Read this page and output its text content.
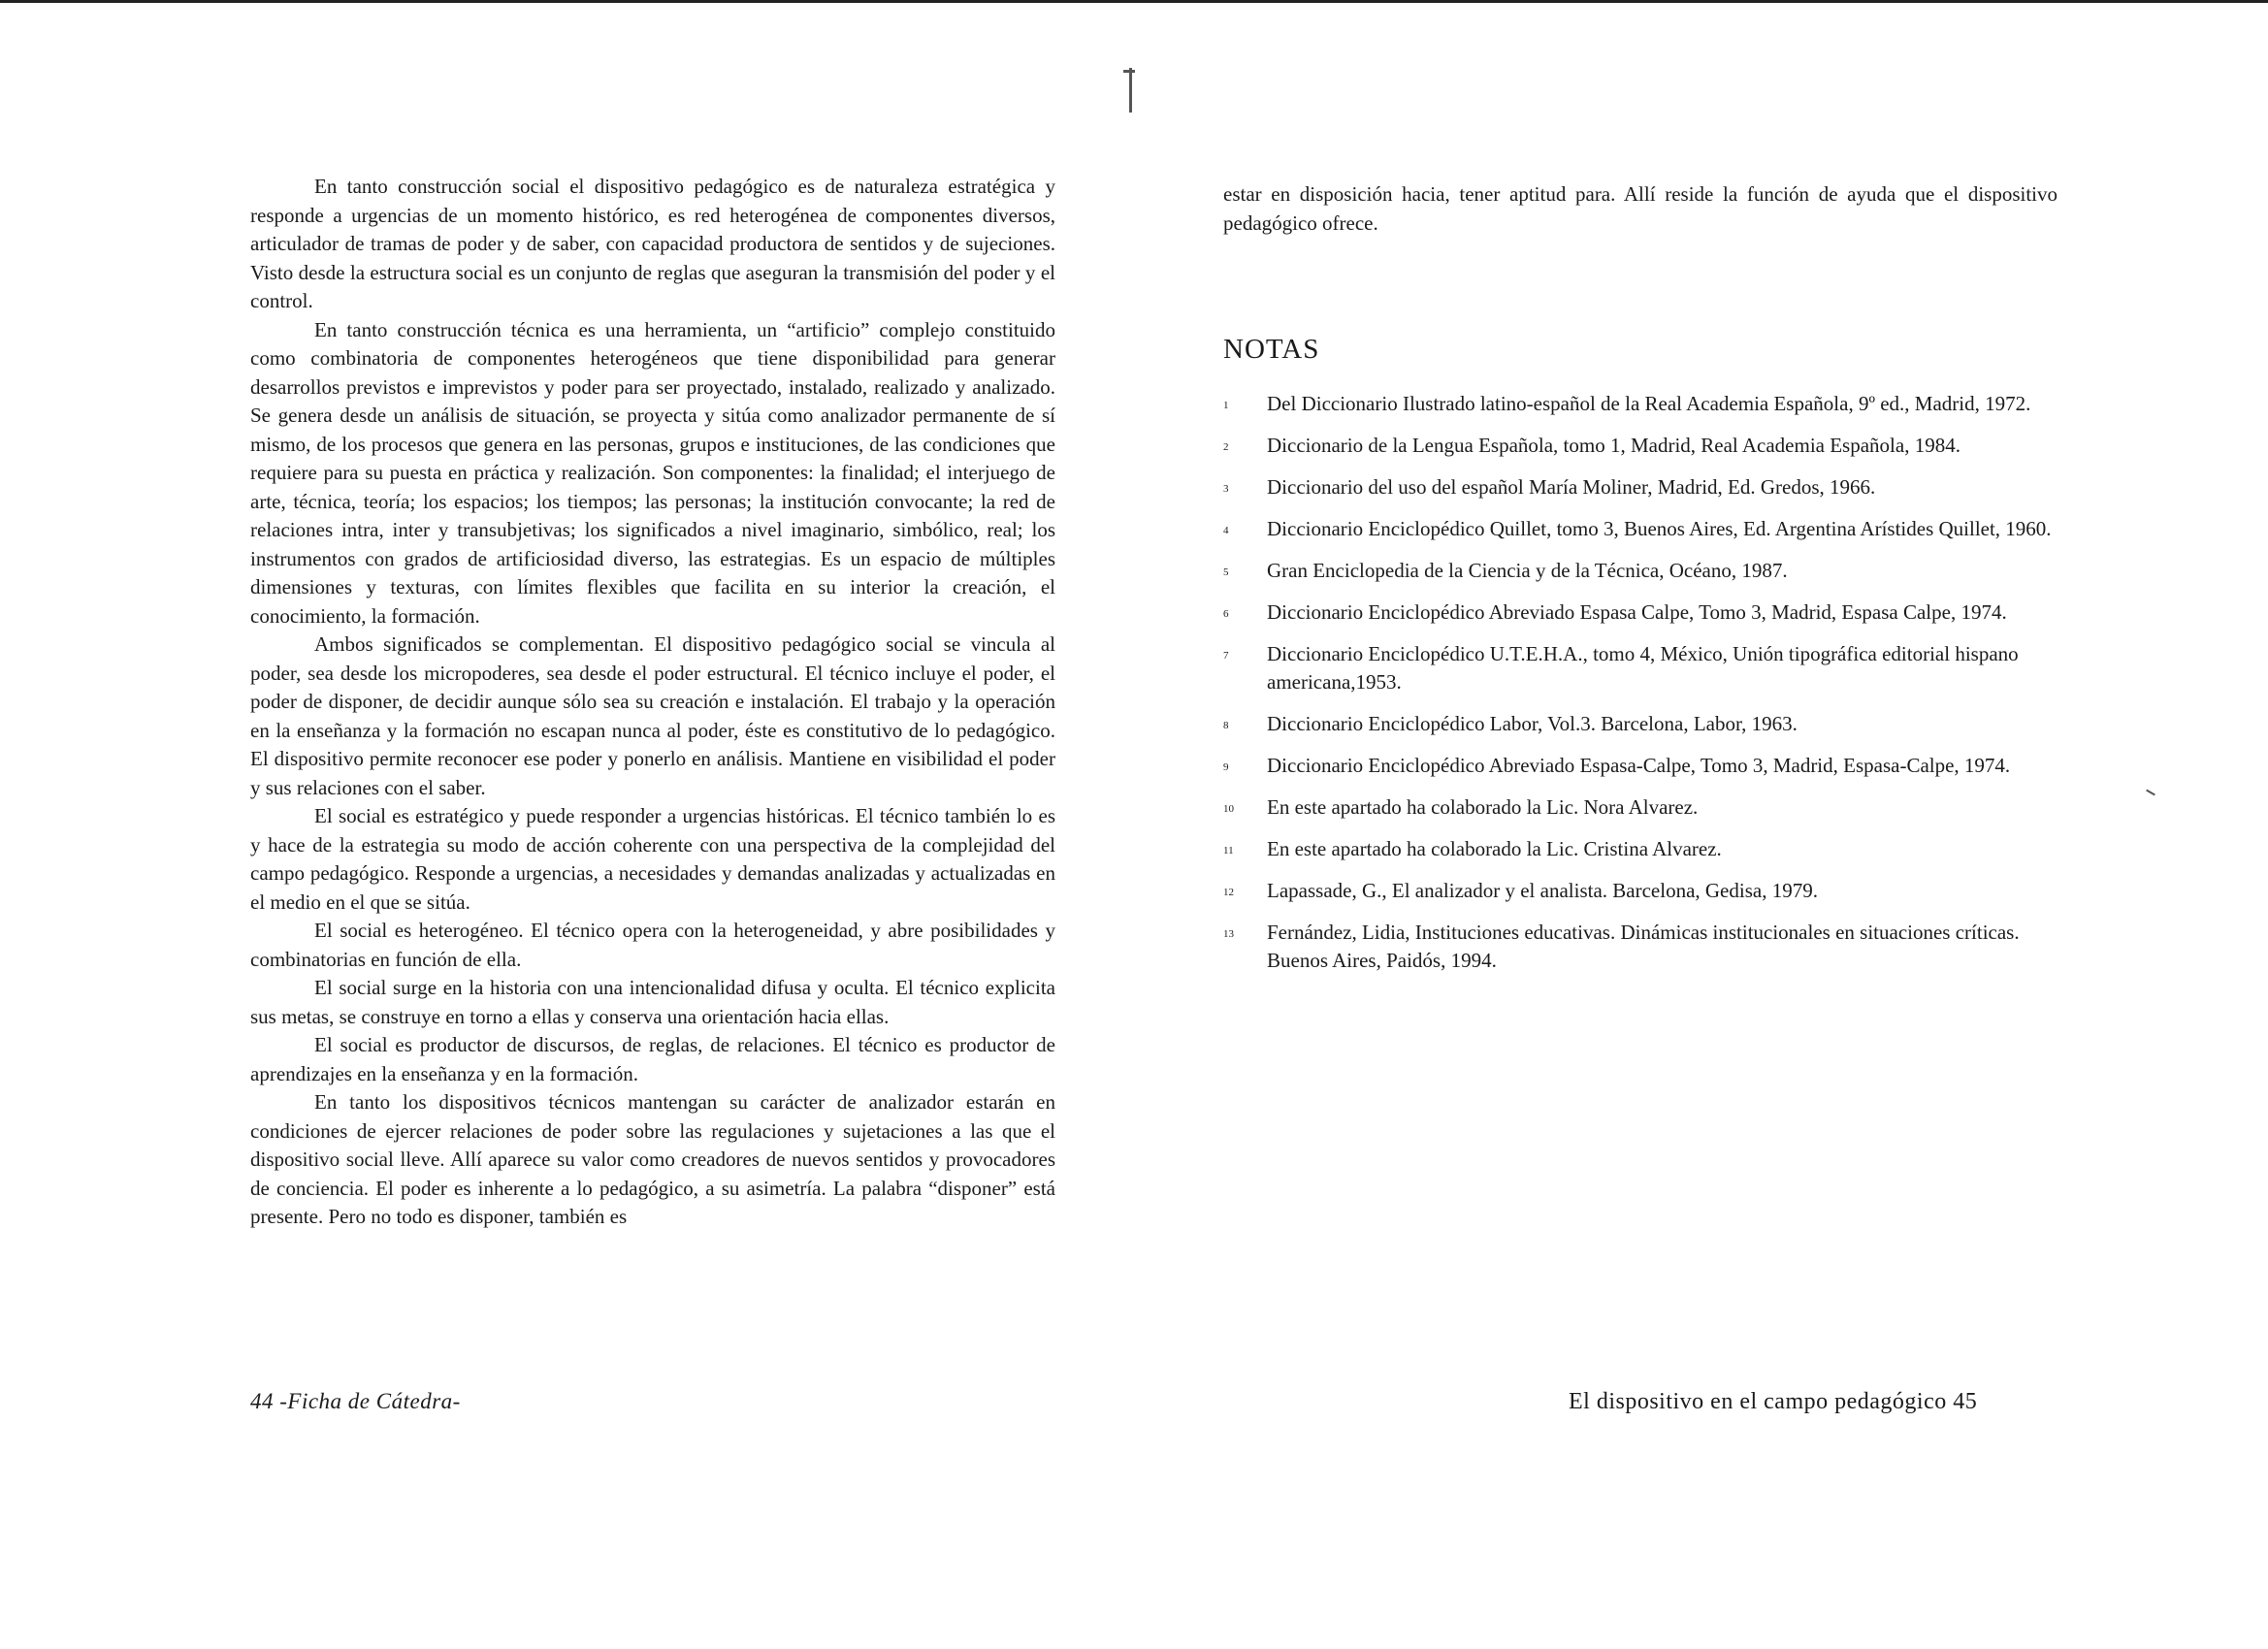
En tanto construcción social el dispositivo pedagógico es de naturaleza estratégica y responde a urgencias de un momento histórico, es red heterogénea de componentes diversos, articulador de tramas de poder y de saber, con capacidad productora de sentidos y de sujeciones. Visto desde la estructura social es un conjunto de reglas que aseguran la transmisión del poder y el control.

En tanto construcción técnica es una herramienta, un “artificio” complejo constituido como combinatoria de componentes heterogéneos que tiene disponibilidad para generar desarrollos previstos e imprevistos y poder para ser proyectado, instalado, realizado y analizado. Se genera desde un análisis de situación, se proyecta y sitúa como analizador permanente de sí mismo, de los procesos que genera en las personas, grupos e instituciones, de las condiciones que requiere para su puesta en práctica y realización. Son componentes: la finalidad; el interjuego de arte, técnica, teoría; los espacios; los tiempos; las personas; la institución convocante; la red de relaciones intra, inter y transubjetivas; los significados a nivel imaginario, simbólico, real; los instrumentos con grados de artificiosidad diverso, las estrategias. Es un espacio de múltiples dimensiones y texturas, con límites flexibles que facilita en su interior la creación, el conocimiento, la formación.

Ambos significados se complementan. El dispositivo pedagógico social se vincula al poder, sea desde los micropoderes, sea desde el poder estructural. El técnico incluye el poder, el poder de disponer, de decidir aunque sólo sea su creación e instalación. El trabajo y la operación en la enseñanza y la formación no escapan nunca al poder, éste es constitutivo de lo pedagógico. El dispositivo permite reconocer ese poder y ponerlo en análisis. Mantiene en visibilidad el poder y sus relaciones con el saber.

El social es estratégico y puede responder a urgencias históricas. El técnico también lo es y hace de la estrategia su modo de acción coherente con una perspectiva de la complejidad del campo pedagógico. Responde a urgencias, a necesidades y demandas analizadas y actualizadas en el medio en el que se sitúa.

El social es heterogéneo. El técnico opera con la heterogeneidad, y abre posibilidades y combinatorias en función de ella.

El social surge en la historia con una intencionalidad difusa y oculta. El técnico explicita sus metas, se construye en torno a ellas y conserva una orientación hacia ellas.

El social es productor de discursos, de reglas, de relaciones. El técnico es productor de aprendizajes en la enseñanza y en la formación.

En tanto los dispositivos técnicos mantengan su carácter de analizador estarán en condiciones de ejercer relaciones de poder sobre las regulaciones y sujetaciones a las que el dispositivo social lleve. Allí aparece su valor como creadores de nuevos sentidos y provocadores de conciencia. El poder es inherente a lo pedagógico, a su asimetría. La palabra “disponer” está presente. Pero no todo es disponer, también es

44 -Ficha de Cátedra-

estar en disposición hacia, tener aptitud para. Allí reside la función de ayuda que el dispositivo pedagógico ofrece.

NOTAS
1	Del Diccionario Ilustrado latino-español de la Real Academia Española, 9º ed., Madrid, 1972.
2	Diccionario de la Lengua Española, tomo 1, Madrid, Real Academia Española, 1984.
3	Diccionario del uso del español María Moliner, Madrid, Ed. Gredos, 1966.
4	Diccionario Enciclopédico Quillet, tomo 3, Buenos Aires, Ed. Argentina Arístides Quillet, 1960.
5	Gran Enciclopedia de la Ciencia y de la Técnica, Océano, 1987.
6	Diccionario Enciclopédico Abreviado Espasa Calpe, Tomo 3, Madrid, Espasa Calpe, 1974.
7	Diccionario Enciclopédico U.T.E.H.A., tomo 4, México, Unión tipográfica editorial hispano americana,1953.
8	Diccionario Enciclopédico Labor, Vol.3. Barcelona, Labor, 1963.
9	Diccionario Enciclopédico Abreviado Espasa-Calpe, Tomo 3, Madrid, Espasa-Calpe, 1974.
10	En este apartado ha colaborado la Lic. Nora Alvarez.
11	En este apartado ha colaborado la Lic. Cristina Alvarez.
12	Lapassade, G., El analizador y el analista. Barcelona, Gedisa, 1979.
13	Fernández, Lidia, Instituciones educativas. Dinámicas institucionales en situaciones críticas. Buenos Aires, Paidós, 1994.
El dispositivo en el campo pedagógico 45
